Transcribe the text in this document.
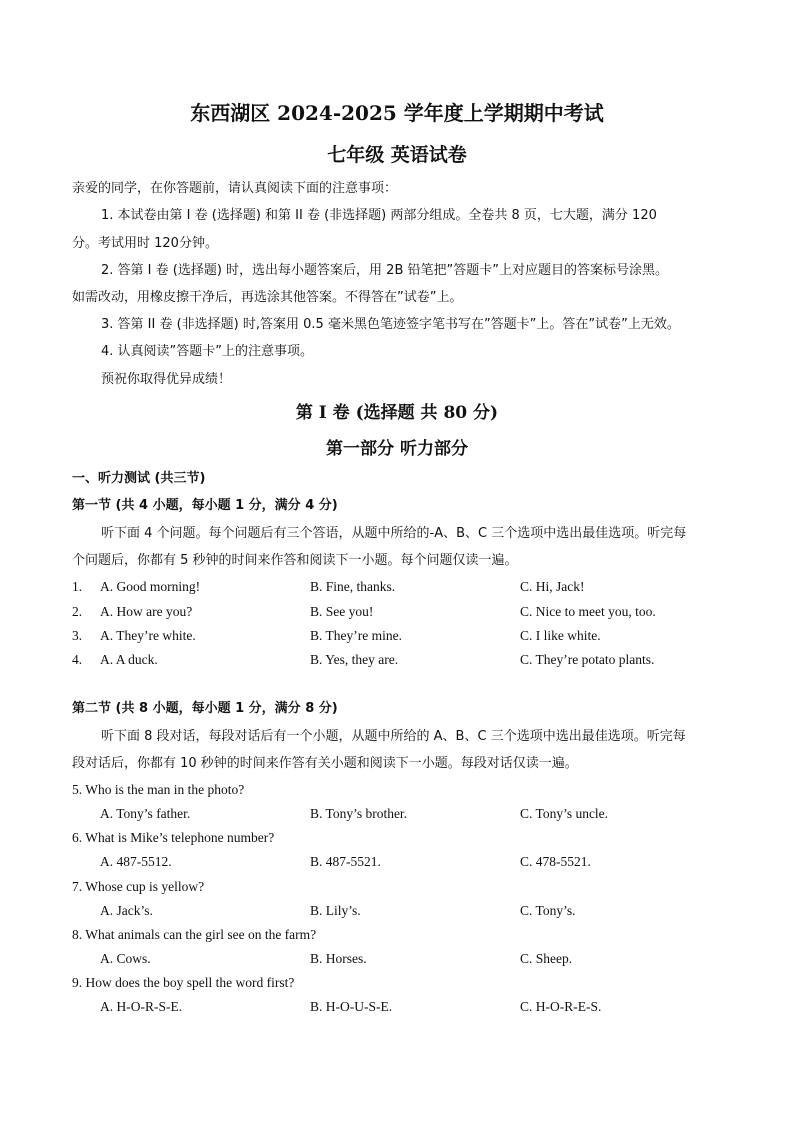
东西湖区 2024-2025 学年度上学期期中考试
七年级 英语试卷
亲爱的同学，在你答题前，请认真阅读下面的注意事项：
1. 本试卷由第 I 卷 (选择题) 和第 II 卷 (非选择题) 两部分组成。全卷共 8 页，七大题，满分 120
分。考试用时 120分钟。
2. 答第 I 卷 (选择题) 时，选出每小题答案后，用 2B 铅笔把”答题卡”上对应题目的答案标号涂黑。
如需改动，用橡皮擦干净后，再选涂其他答案。不得答在”试卷”上。
3. 答第 II 卷 (非选择题) 时,答案用 0.5 毫米黑色笔迹签字笔书写在”答题卡”上。答在”试卷”上无效。
4. 认真阅读”答题卡”上的注意事项。
预祝你取得优异成绩！
第 I 卷 (选择题 共 80 分)
第一部分 听力部分
一、听力测试 (共三节)
第一节 (共 4 小题，每小题 1 分，满分 4 分)
听下面 4 个问题。每个问题后有三个答语，从题中所给的-A、B、C 三个选项中选出最佳选项。听完每
个问题后，你都有 5 秒钟的时间来作答和阅读下一小题。每个问题仅读一遍。
1. A. Good morning!	B. Fine, thanks.	C. Hi, Jack!
2. A. How are you?	B. See you!	C. Nice to meet you, too.
3. A. They’re white.	B. They’re mine.	C. I like white.
4. A. A duck.	B. Yes, they are.	C. They’re potato plants.
第二节 (共 8 小题，每小题 1 分，满分 8 分)
听下面 8 段对话，每段对话后有一个小题，从题中所给的 A、B、C 三个选项中选出最佳选项。听完每
段对话后，你都有 10 秒钟的时间来作答有关小题和阅读下一小题。每段对话仅读一遍。
5. Who is the man in the photo?
A. Tony’s father.	B. Tony’s brother.	C. Tony’s uncle.
6. What is Mike’s telephone number?
A. 487-5512.	B. 487-5521.	C. 478-5521.
7. Whose cup is yellow?
A. Jack’s.	B. Lily’s.	C. Tony’s.
8. What animals can the girl see on the farm?
A. Cows.	B. Horses.	C. Sheep.
9. How does the boy spell the word first?
A. H-O-R-S-E.	B. H-O-U-S-E.	C. H-O-R-E-S.
